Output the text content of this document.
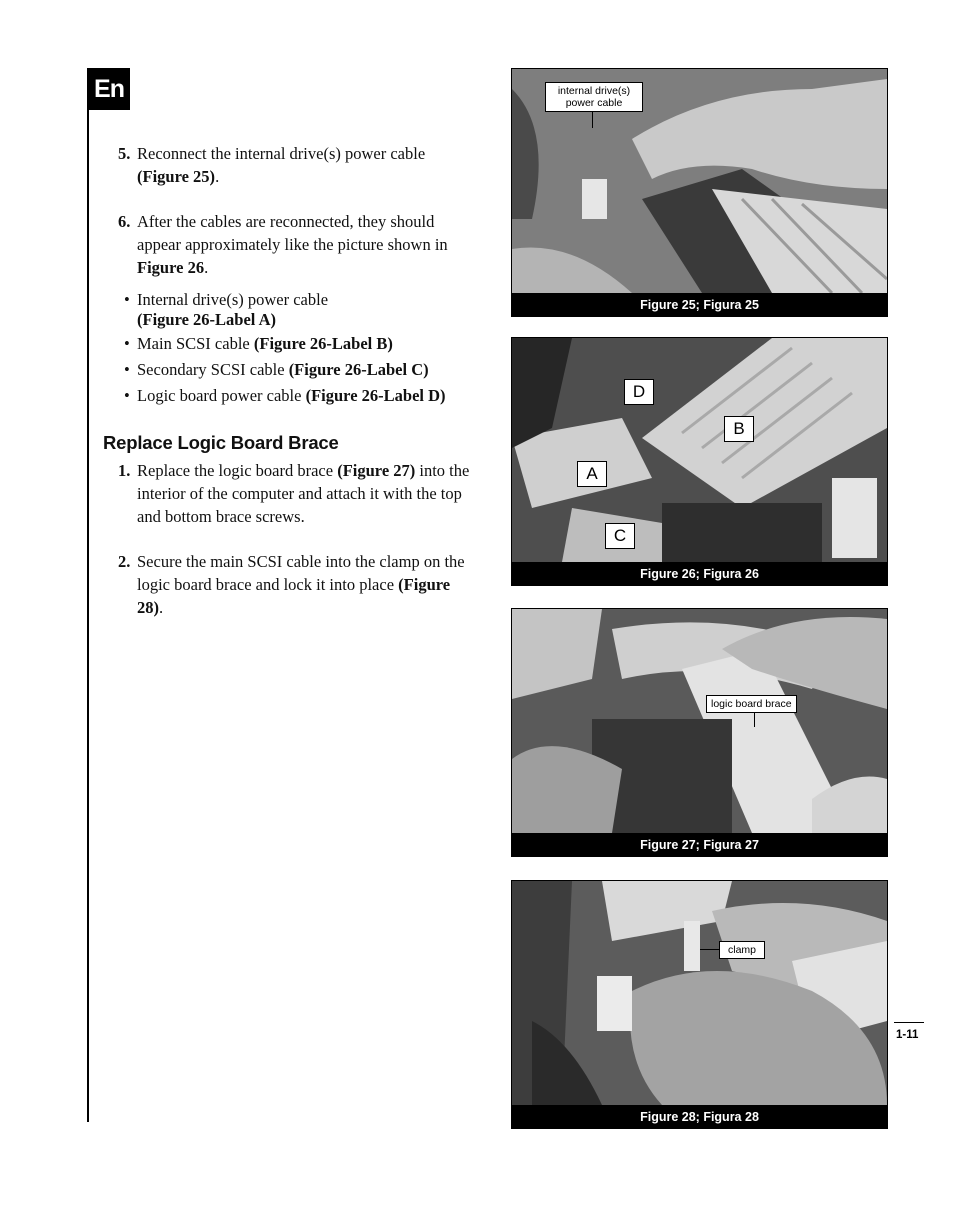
En
5. Reconnect the internal drive(s) power cable
(Figure 25).
6. After the cables are reconnected, they should appear approximately like the picture shown in Figure 26.
• Internal drive(s) power cable
(Figure 26-Label A)
• Main SCSI cable (Figure 26-Label B)
• Secondary SCSI cable (Figure 26-Label C)
• Logic board power cable (Figure 26-Label D)
Replace Logic Board Brace
1. Replace the logic board brace (Figure 27) into the interior of the computer and attach it with the top and bottom brace screws.
2. Secure the main SCSI cable into the clamp on the logic board brace and lock it into place (Figure 28).
internal drive(s)
power cable
Figure 25; Figura 25
D
B
A
C
Figure 26; Figura 26
logic board brace
Figure 27; Figura 27
clamp
Figure 28; Figura 28
1-11
